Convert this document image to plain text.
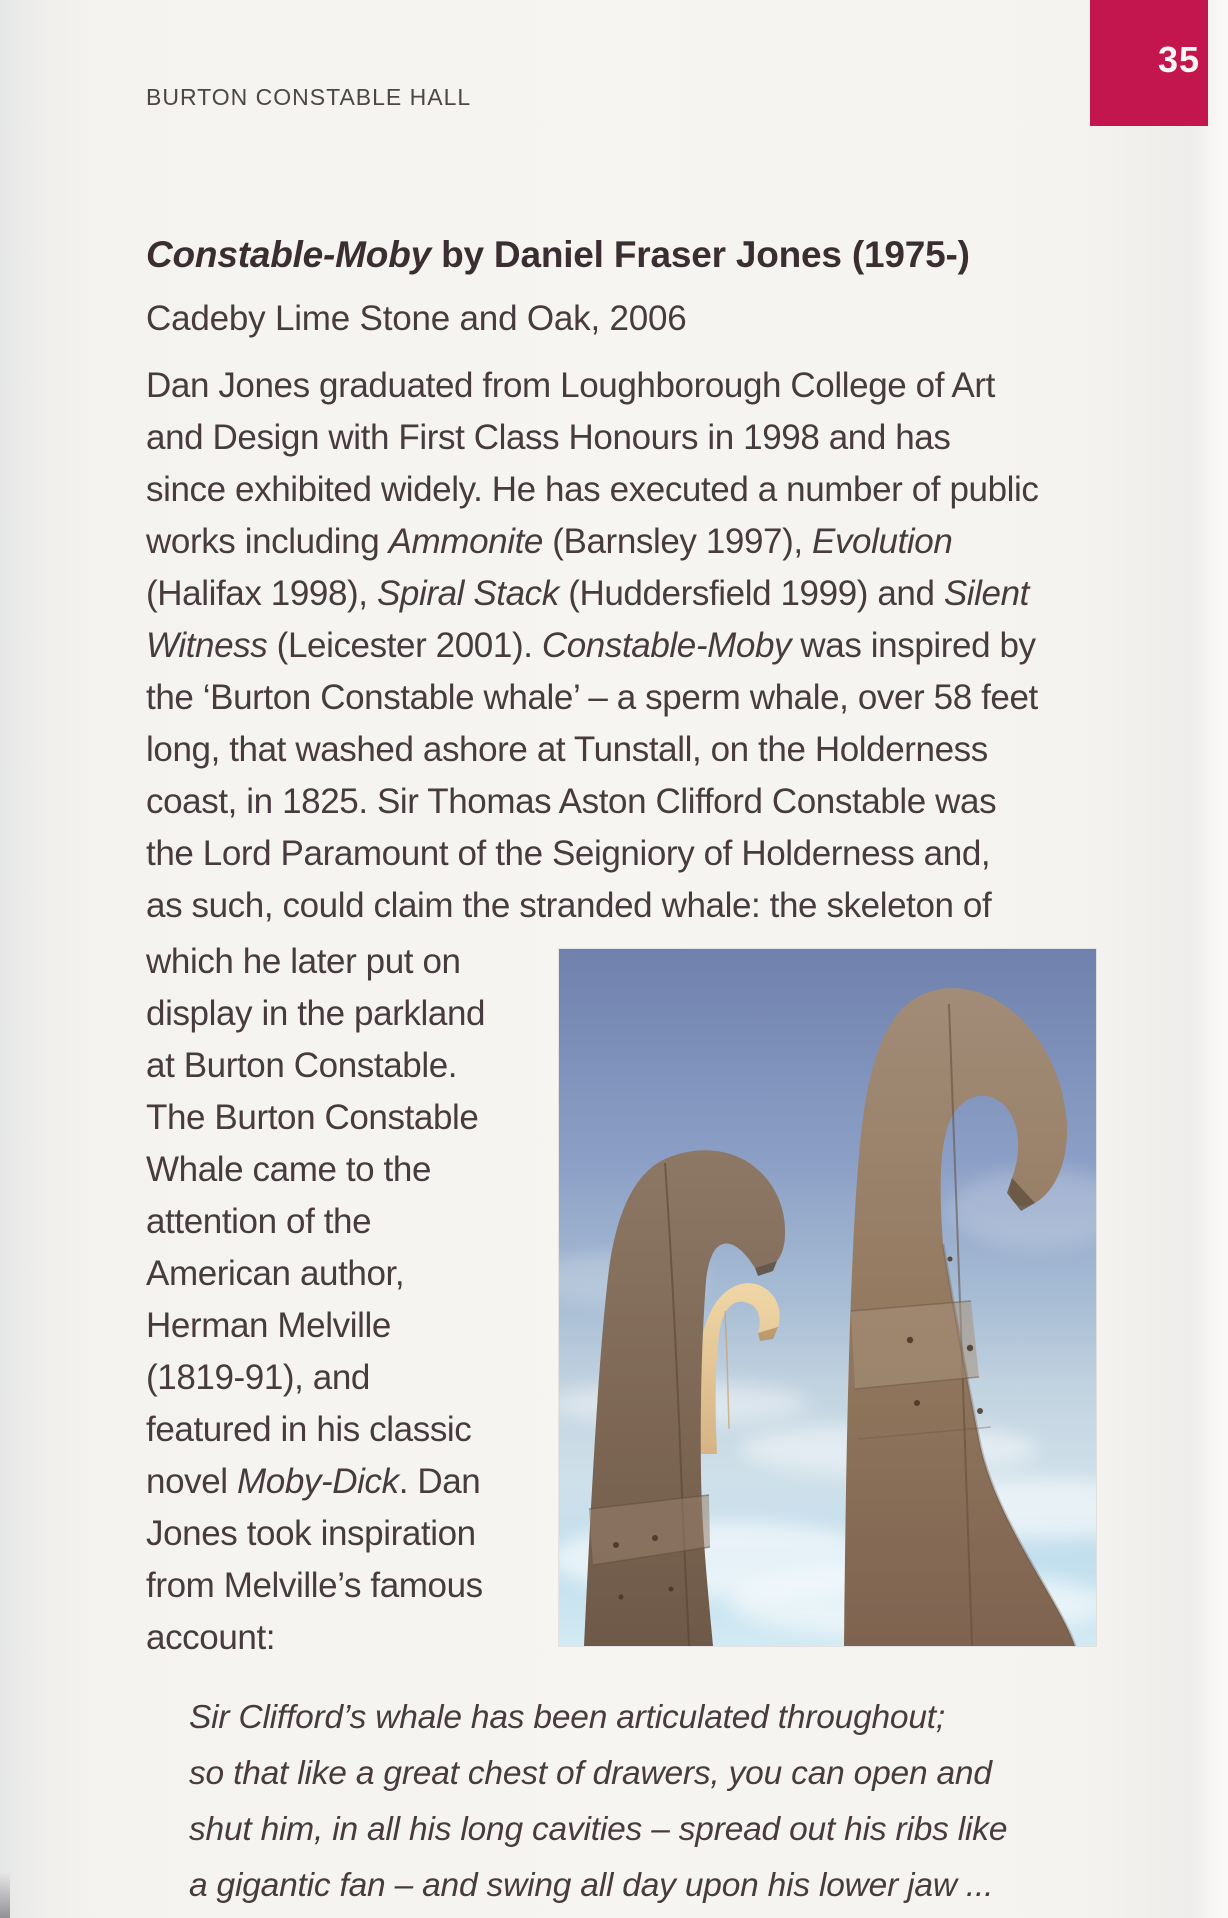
BURTON CONSTABLE HALL
35
Constable-Moby by Daniel Fraser Jones (1975-)
Cadeby Lime Stone and Oak, 2006
Dan Jones graduated from Loughborough College of Art
and Design with First Class Honours in 1998 and has
since exhibited widely. He has executed a number of public
works including Ammonite (Barnsley 1997), Evolution
(Halifax 1998), Spiral Stack (Huddersfield 1999) and Silent
Witness (Leicester 2001). Constable-Moby was inspired by
the ‘Burton Constable whale’ – a sperm whale, over 58 feet
long, that washed ashore at Tunstall, on the Holderness
coast, in 1825. Sir Thomas Aston Clifford Constable was
the Lord Paramount of the Seigniory of Holderness and,
as such, could claim the stranded whale: the skeleton of
which he later put on
display in the parkland
at Burton Constable.
The Burton Constable
Whale came to the
attention of the
American author,
Herman Melville
(1819-91), and
featured in his classic
novel Moby-Dick. Dan
Jones took inspiration
from Melville’s famous
account:
Sir Clifford’s whale has been articulated throughout;
so that like a great chest of drawers, you can open and
shut him, in all his long cavities – spread out his ribs like
a gigantic fan – and swing all day upon his lower jaw ...
